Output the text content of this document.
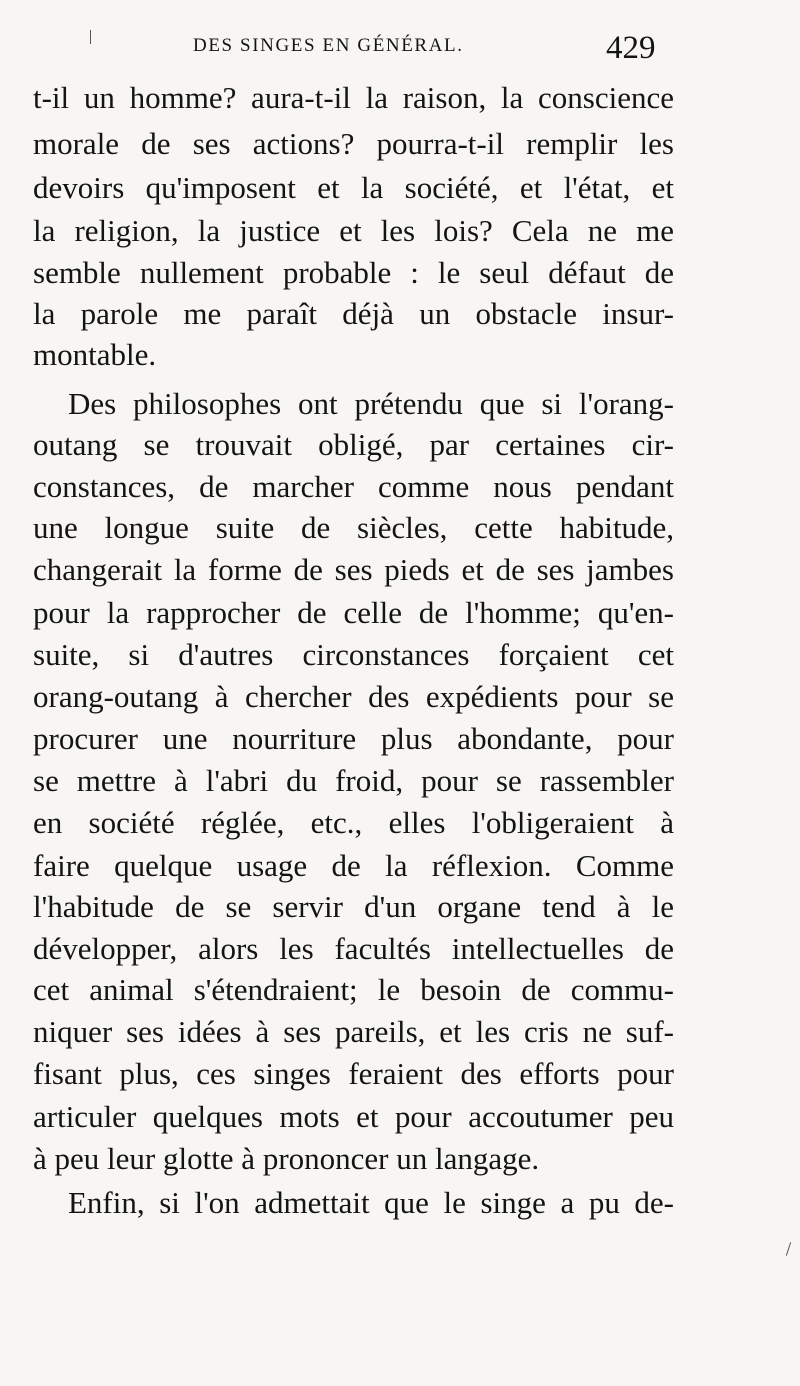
DES SINGES EN GÉNÉRAL.	429
t-il un homme? aura-t-il la raison, la conscience
morale de ses actions? pourra-t-il remplir les
devoirs qu'imposent et la société, et l'état, et
la religion, la justice et les lois? Cela ne me
semble nullement probable : le seul défaut de
la parole me paraît déjà un obstacle insur-
montable.
Des philosophes ont prétendu que si l'orang-
outang se trouvait obligé, par certaines cir-
constances, de marcher comme nous pendant
une longue suite de siècles, cette habitude,
changerait la forme de ses pieds et de ses jambes
pour la rapprocher de celle de l'homme; qu'en-
suite, si d'autres circonstances forçaient cet
orang-outang à chercher des expédients pour se
procurer une nourriture plus abondante, pour
se mettre à l'abri du froid, pour se rassembler
en société réglée, etc., elles l'obligeraient à
faire quelque usage de la réflexion. Comme
l'habitude de se servir d'un organe tend à le
développer, alors les facultés intellectuelles de
cet animal s'étendraient; le besoin de commu-
niquer ses idées à ses pareils, et les cris ne suf-
fisant plus, ces singes feraient des efforts pour
articuler quelques mots et pour accoutumer peu
à peu leur glotte à prononcer un langage.
Enfin, si l'on admettait que le singe a pu de-
